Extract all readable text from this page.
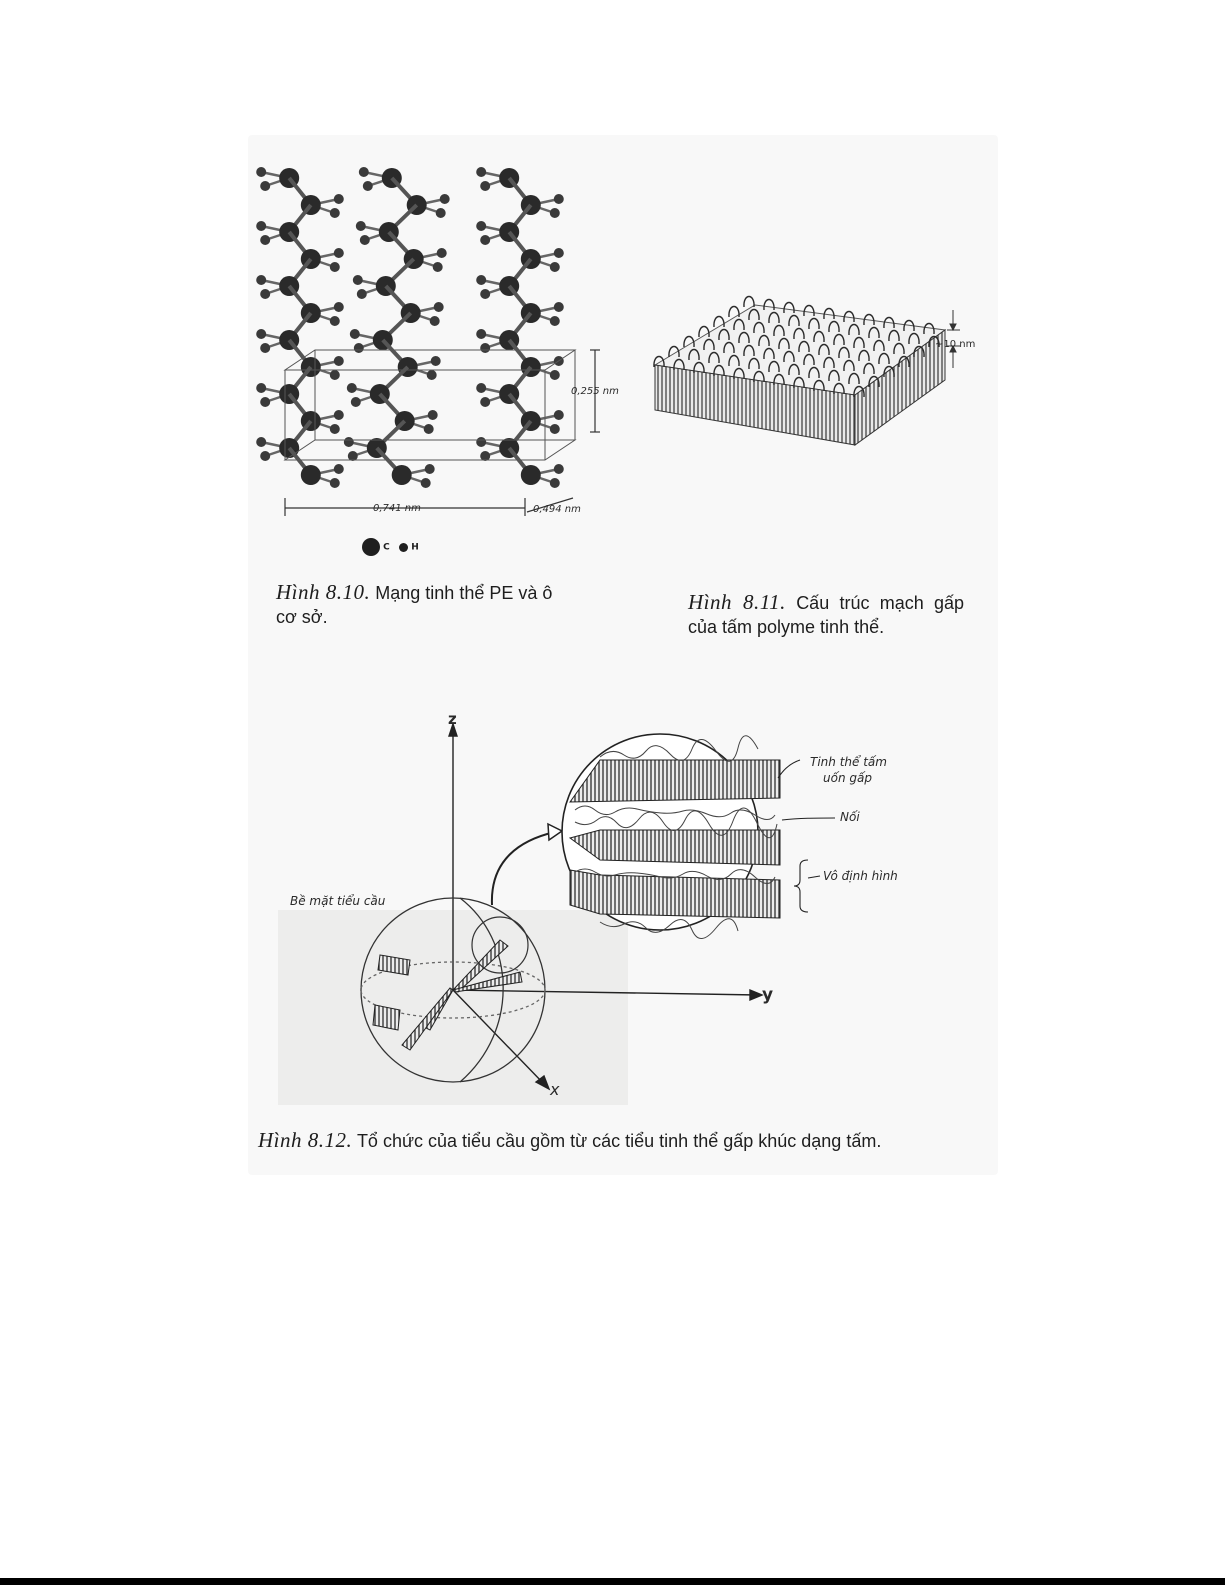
0,255 nm
0,741 nm	0,494 nm
C H
Hình 8.10. Mạng tinh thể PE và ô cơ sở.
~10 nm
Hình 8.11. Cấu trúc mạch gấp của tấm polyme tinh thể.
z
y
x
Tinh thể tấm
uốn gấp
Nối
Vô định hình
Bề mặt tiểu cầu
Hình 8.12. Tổ chức của tiểu cầu gồm từ các tiểu tinh thể gấp khúc dạng tấm.
